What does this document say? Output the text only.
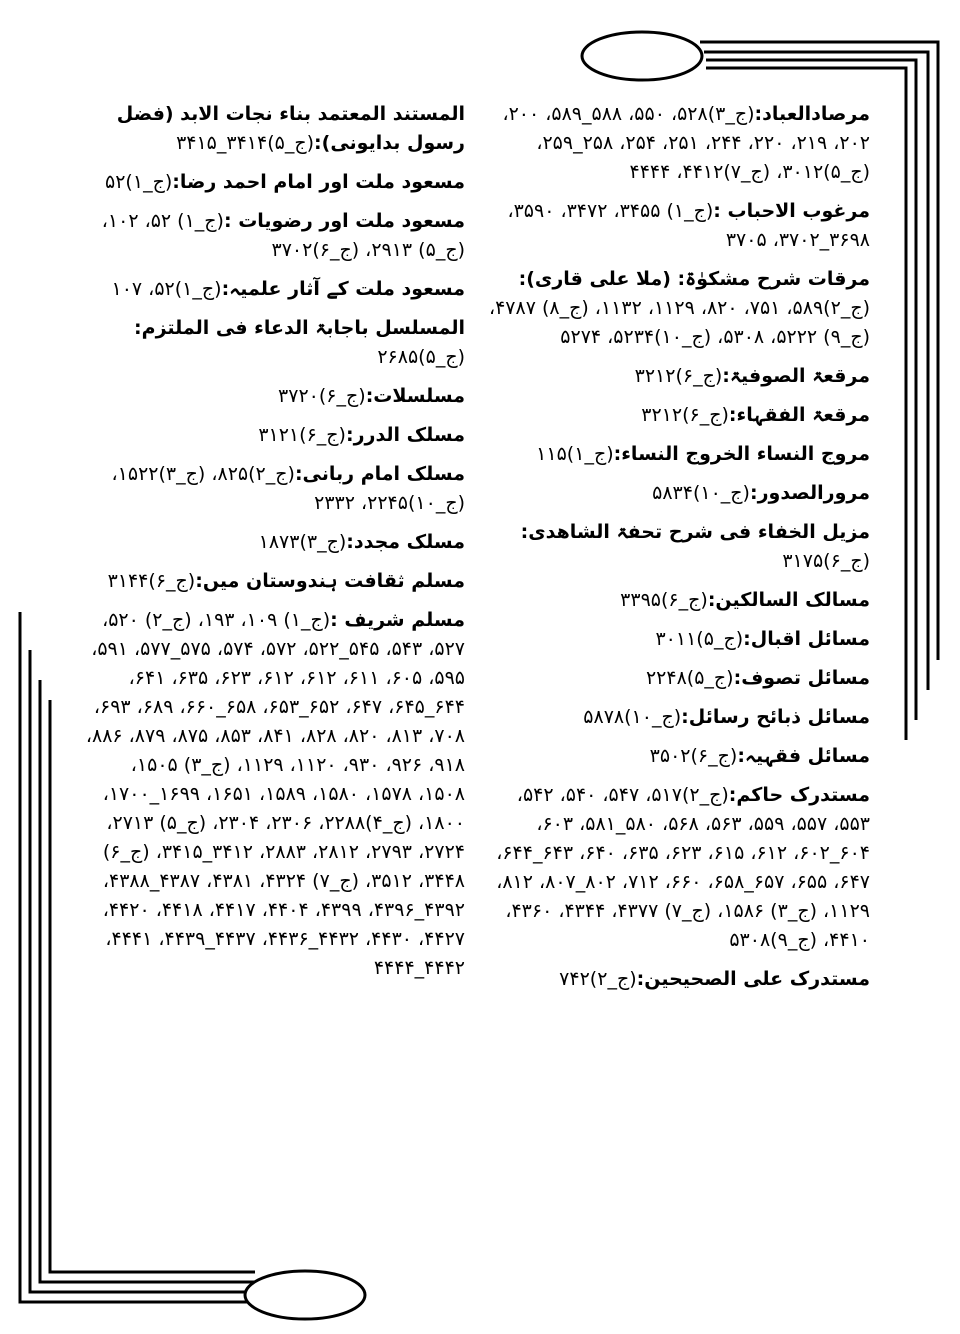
مرصادالعباد:(ج_۳)۵۲۸، ۵۵۰، ۵۸۸_۵۸۹، ۲۰۰، ۲۰۲، ۲۱۹، ۲۲۰، ۲۴۴، ۲۵۱، ۲۵۴، ۲۵۸_۲۵۹، (ج_۵)۳۰۱۲، (ج_۷)۴۴۱۲، ۴۴۴۴
مرغوب الاحباب :(ج_۱) ۳۴۵۵، ۳۴۷۲، ۳۵۹۰، ۳۶۹۸_۳۷۰۲، ۳۷۰۵
مرقات شرح مشکوٰۃ: (ملا علی قاری):(ج_۲)۵۸۹، ۷۵۱، ۸۲۰، ۱۱۲۹، ۱۱۳۲، (ج_۸) ۴۷۸۷، (ج_۹) ۵۲۲۲، ۵۳۰۸، (ج_۱۰)۵۲۳۴، ۵۲۷۴
مرقعۃ الصوفیۃ:(ج_۶)۳۲۱۲
مرقعۃ الفقہاء:(ج_۶)۳۲۱۲
مروج النساء الخروج النساء:(ج_۱)۱۱۵
مرورالصدور:(ج_۱۰)۵۸۳۴
مزیل الخفاء فی شرح تحفۃ الشاھدی:(ج_۶)۳۱۷۵
مسالک السالکین:(ج_۶)۳۳۹۵
مسائل اقبال:(ج_۵)۳۰۱۱
مسائل تصوف:(ج_۵)۲۲۴۸
مسائل ذبائح رسائل:(ج_۱۰)۵۸۷۸
مسائل فقہیہ:(ج_۶)۳۵۰۲
مستدرک حاکم:(ج_۲)۵۱۷، ۵۴۷، ۵۴۰، ۵۴۲، ۵۵۳، ۵۵۷، ۵۵۹، ۵۶۳، ۵۶۸، ۵۸۰_۵۸۱، ۶۰۳، ۶۰۴_۶۰۲، ۶۱۲، ۶۱۵، ۶۲۳، ۶۳۵، ۶۴۰، ۶۴۳_۶۴۴، ۶۴۷، ۶۵۵، ۶۵۷_۶۵۸، ۶۶۰، ۷۱۲، ۸۰۲_۸۰۷، ۸۱۲، ۱۱۲۹، (ج_۳) ۱۵۸۶، (ج_۷) ۴۳۷۷، ۴۳۴۴، ۴۳۶۰، ۴۴۱۰، (ج_۹)۵۳۰۸
مستدرک علی الصحیحین:(ج_۲)۷۴۲
المستند المعتمد بناء نجات الابد (فضل رسول بدایونی):(ج_۵)۳۴۱۴_۳۴۱۵
مسعود ملت اور امام احمد رضا:(ج_۱)۵۲
مسعود ملت اور رضویات :(ج_۱) ۵۲، ۱۰۲، (ج_۵) ۲۹۱۳، (ج_۶)۳۷۰۲
مسعود ملت کے آثار علمیہ:(ج_۱)۵۲، ۱۰۷
المسلسل باجابۃ الدعاء فی الملتزم:(ج_۵)۲۶۸۵
مسلسلات:(ج_۶)۳۷۲۰
مسلک الدرر:(ج_۶)۳۱۲۱
مسلک امام ربانی:(ج_۲)۸۲۵، (ج_۳)۱۵۲۲، (ج_۱۰)۲۲۴۵، ۲۳۳۲
مسلک مجدد:(ج_۳)۱۸۷۳
مسلم ثقافت ہندوستان میں:(ج_۶)۳۱۴۴
مسلم شریف :(ج_۱) ۱۰۹، ۱۹۳، (ج_۲) ۵۲۰، ۵۲۷، ۵۴۳، ۵۴۵_۵۲۲، ۵۷۲، ۵۷۴، ۵۷۵_۵۷۷، ۵۹۱، ۵۹۵، ۶۰۵، ۶۱۱، ۶۱۲، ۶۱۲، ۶۲۳، ۶۳۵، ۶۴۱، ۶۴۴_۶۴۵، ۶۴۷، ۶۵۲_۶۵۳، ۶۵۸_۶۶۰، ۶۸۹، ۶۹۳، ۷۰۸، ۸۱۳، ۸۲۰، ۸۲۸، ۸۴۱، ۸۵۳، ۸۷۵، ۸۷۹، ۸۸۶، ۹۱۸، ۹۲۶، ۹۳۰، ۱۱۲۰، ۱۱۲۹، (ج_۳) ۱۵۰۵، ۱۵۰۸، ۱۵۷۸، ۱۵۸۰، ۱۵۸۹، ۱۶۵۱، ۱۶۹۹_۱۷۰۰، ۱۸۰۰، (ج_۴)۲۲۸۸، ۲۳۰۶، ۲۳۰۴، (ج_۵) ۲۷۱۳، ۲۷۲۴، ۲۷۹۳، ۲۸۱۲، ۲۸۸۳، ۳۴۱۲_۳۴۱۵، (ج_۶) ۳۴۴۸، ۳۵۱۲، (ج_۷) ۴۳۲۴، ۴۳۸۱، ۴۳۸۷_۴۳۸۸، ۴۳۹۲_۴۳۹۶، ۴۳۹۹، ۴۴۰۴، ۴۴۱۷، ۴۴۱۸، ۴۴۲۰، ۴۴۲۷، ۴۴۳۰، ۴۴۳۲_۴۴۳۶، ۴۴۳۷_۴۴۳۹، ۴۴۴۱، ۴۴۴۲_۴۴۴۴
